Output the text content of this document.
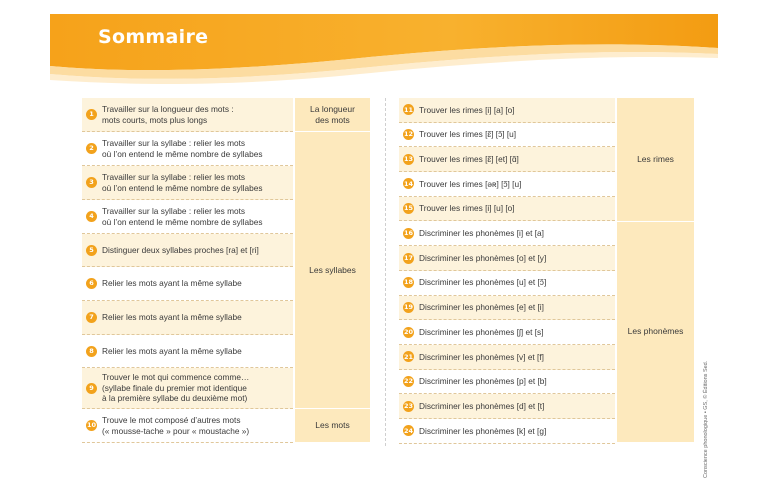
Sommaire
1
Travailler sur la longueur des mots :
mots courts, mots plus longs
2
Travailler sur la syllabe : relier les mots
où l’on entend le même nombre de syllabes
3
Travailler sur la syllabe : relier les mots
où l’on entend le même nombre de syllabes
4
Travailler sur la syllabe : relier les mots
où l’on entend le même nombre de syllabes
5 Distinguer deux syllabes proches [ra] et [ri]
6 Relier les mots ayant la même syllabe
7 Relier les mots ayant la même syllabe
8 Relier les mots ayant la même syllabe
9
Trouver le mot qui commence comme…
(syllabe finale du premier mot identique
à la première syllabe du deuxième mot)
10
Trouve le mot composé d’autres mots
(« mousse-tache » pour « moustache »)
La longueur
des mots
Les syllabes
Les mots
11 Trouver les rimes [i] [a] [o]
12 Trouver les rimes [ɛ̃] [ɔ̃] [u]
13 Trouver les rimes [ɛ̃] [et] [ɑ̃]
14 Trouver les rimes [əʀ] [ɔ̃] [u]
15 Trouver les rimes [i] [u] [o]
16 Discriminer les phonèmes [i] et [a]
17 Discriminer les phonèmes [o] et [y]
18 Discriminer les phonèmes [u] et [ɔ̃]
19 Discriminer les phonèmes [e] et [i]
20 Discriminer les phonèmes [ʃ] et [s]
21 Discriminer les phonèmes [v] et [f]
22 Discriminer les phonèmes [p] et [b]
23 Discriminer les phonèmes [d] et [t]
24 Discriminer les phonèmes [k] et [g]
Les rimes
Les phonèmes
Conscience phonologique • GS, © Éditions Sed.
